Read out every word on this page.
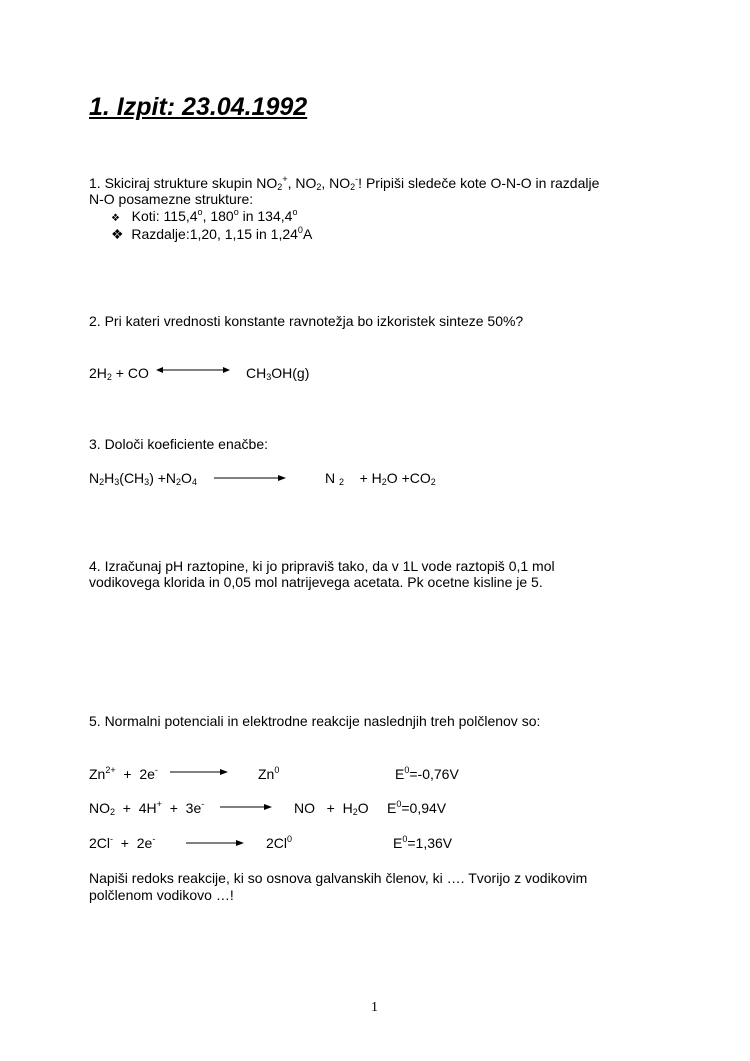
1. Izpit: 23.04.1992
1. Skiciraj strukture skupin $NO_2^+$, $NO_2$, $NO_2^-$! Pripiši sledeče kote O-N-O in razdalje
N-O posamezne strukture:
❖ Koti: 115,4$^o$, 180$^o$ in 134,4$^o$
❖ Razdalje:1,20, 1,15 in 1,24$^0$A
2. Pri kateri vrednosti konstante ravnotežja bo izkoristek sinteze 50%?
$2H_2$ + CO	$CH_3OH(g)$
3. Določi koeficiente enačbe:
$N_2H_3(CH_3) +N_2O_4$	N $_2 + H_2O +CO_2$
4. Izračunaj pH raztopine, ki jo pripraviš tako, da v 1L vode raztopiš 0,1 mol
vodikovega klorida in 0,05 mol natrijevega acetata. Pk ocetne kisline je 5.
5. Normalni potenciali in elektrodne reakcije naslednjih treh polčlenov so:
$Zn^{2+} + 2e^-$	Zn$^0$	$E^0=-0,76V$
$NO_2 + 4H^+ + 3e^-$ → NO   +  $H_2O$ $E^0=0,94V$
2Cl-  +  2e-	2Cl$^0$	$E^0=1,36V$
Napiši redoks reakcije, ki so osnova galvanskih členov, ki …. Tvorijo z vodikovim
polčlenom vodikovo …!
1
